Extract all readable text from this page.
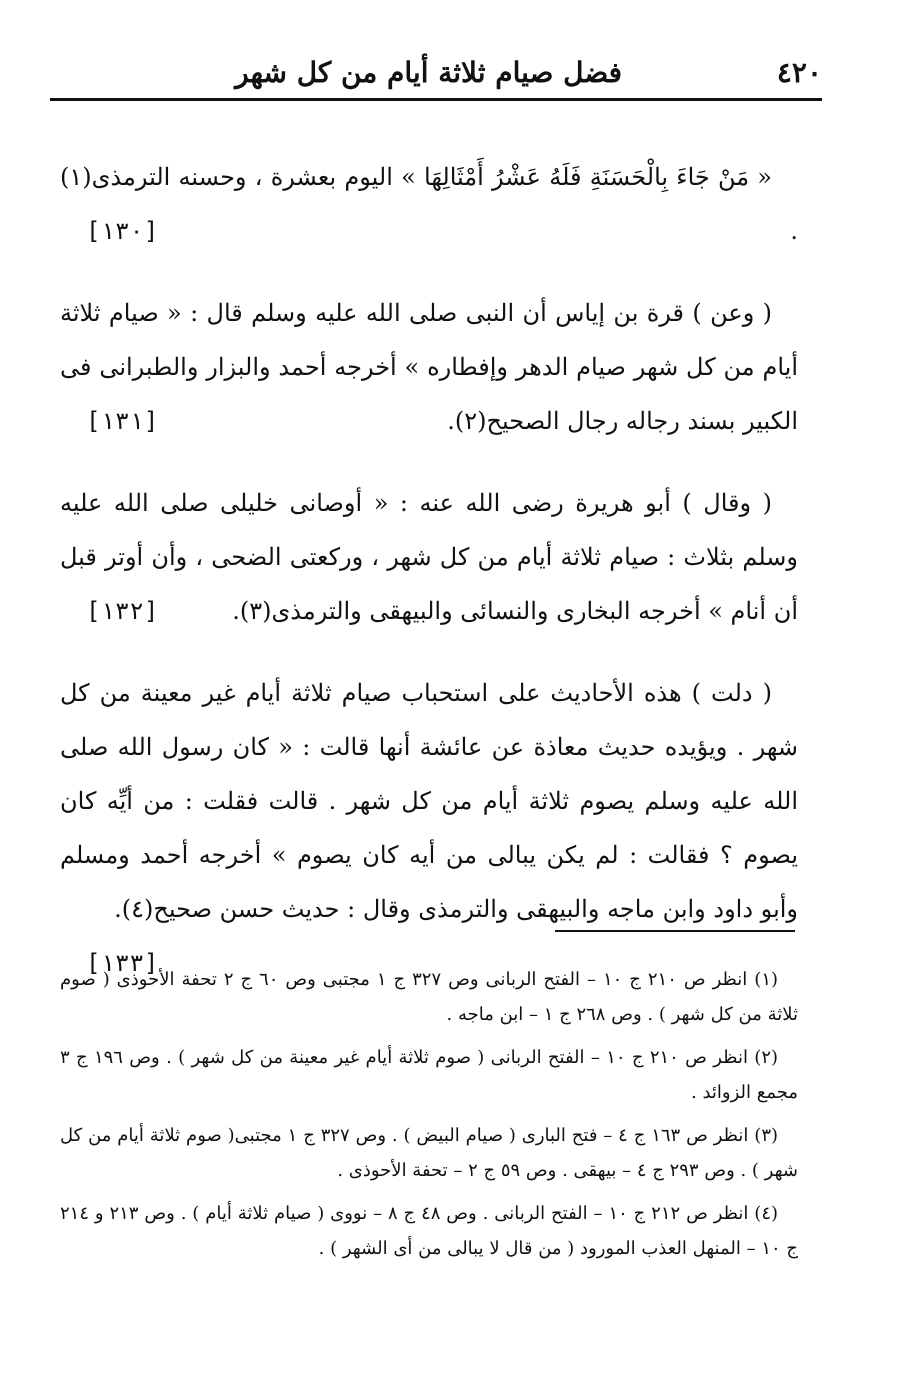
٤٢٠
فضل صيام ثلاثة أيام من كل شهر

« مَنْ جَاءَ بِالْحَسَنَةِ فَلَهُ عَشْرُ أَمْثَالِهَا » اليوم بعشرة ، وحسنه الترمذى(١) .
[١٣٠]

( وعن ) قرة بن إياس أن النبى صلى الله عليه وسلم قال : « صيام ثلاثة أيام من كل شهر صيام الدهر وإفطاره » أخرجه أحمد والبزار والطبرانى فى الكبير بسند رجاله رجال الصحيح(٢).
[١٣١]

( وقال ) أبو هريرة رضى الله عنه : « أوصانى خليلى صلى الله عليه وسلم بثلاث : صيام ثلاثة أيام من كل شهر ، وركعتى الضحى ، وأن أوتر قبل أن أنام » أخرجه البخارى والنسائى والبيهقى والترمذى(٣).
[١٣٢]

( دلت ) هذه الأحاديث على استحباب صيام ثلاثة أيام غير معينة من كل شهر . ويؤيده حديث معاذة عن عائشة أنها قالت : « كان رسول الله صلى الله عليه وسلم يصوم ثلاثة أيام من كل شهر . قالت فقلت : من أيِّه كان يصوم ؟ فقالت : لم يكن يبالى من أيه كان يصوم » أخرجه أحمد ومسلم وأبو داود وابن ماجه والبيهقى والترمذى وقال : حديث حسن صحيح(٤).
[١٣٣]

(١) انظر ص ٢١٠ ج ١٠ – الفتح الربانى وص ٣٢٧ ج ١ مجتبى وص ٦٠ ج ٢ تحفة الأحوذى ( صوم ثلاثة من كل شهر ) . وص ٢٦٨ ج ١ – ابن ماجه .

(٢) انظر ص ٢١٠ ج ١٠ – الفتح الربانى ( صوم ثلاثة أيام غير معينة من كل شهر ) . وص ١٩٦ ج ٣ مجمع الزوائد .

(٣) انظر ص ١٦٣ ج ٤ – فتح البارى ( صيام البيض ) . وص ٣٢٧ ج ١ مجتبى( صوم ثلاثة أيام من كل شهر ) . وص ٢٩٣ ج ٤ – بيهقى . وص ٥٩ ج ٢ – تحفة الأحوذى .

(٤) انظر ص ٢١٢ ج ١٠ – الفتح الربانى . وص ٤٨ ج ٨ – نووى ( صيام ثلاثة أيام ) . وص ٢١٣ و ٢١٤ ج ١٠ – المنهل العذب المورود ( من قال لا يبالى من أى الشهر ) .
